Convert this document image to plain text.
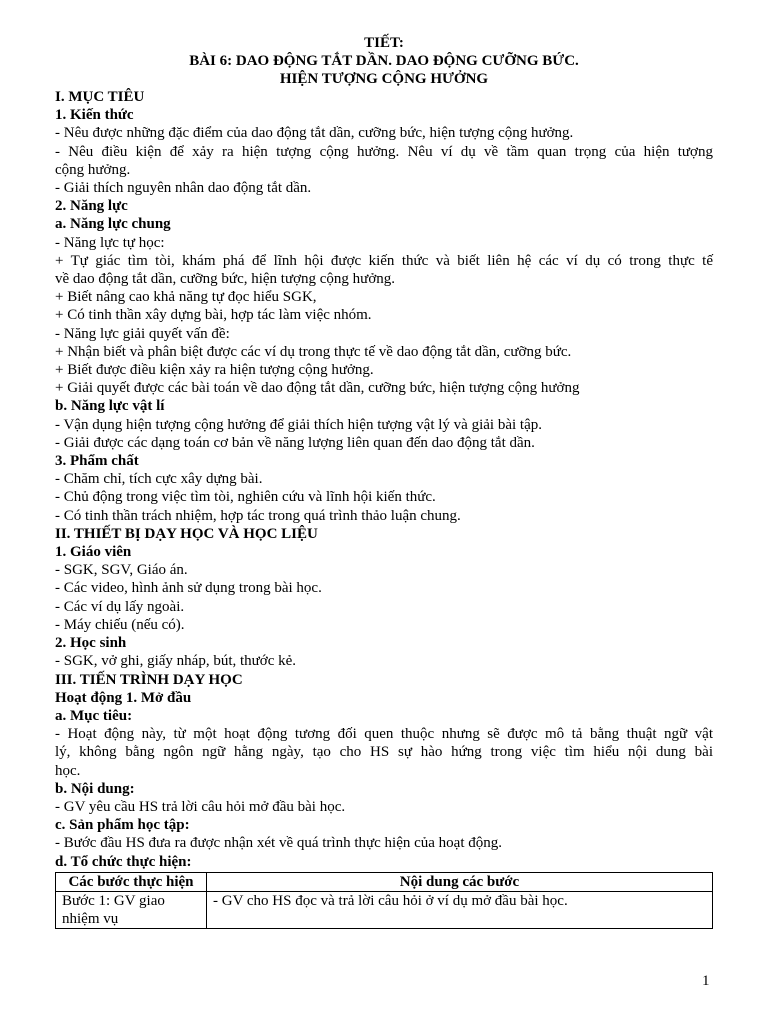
TIẾT:
BÀI 6: DAO ĐỘNG TẮT DẦN. DAO ĐỘNG CƯỠNG BỨC.
HIỆN TƯỢNG CỘNG HƯỞNG
I. MỤC TIÊU
1. Kiến thức
- Nêu được những đặc điểm của dao động tắt dần, cưỡng bức, hiện tượng cộng hưởng.
- Nêu điều kiện để xảy ra hiện tượng cộng hưởng. Nêu ví dụ về tầm quan trọng của hiện tượng
cộng hưởng.
- Giải thích nguyên nhân dao động tắt dần.
2. Năng lực
a. Năng lực chung
- Năng lực tự học:
+ Tự giác tìm tòi, khám phá để lĩnh hội được kiến thức và biết liên hệ các ví dụ có trong thực tế
về dao động tắt dần, cưỡng bức, hiện tượng cộng hưởng.
+ Biết nâng cao khả năng tự đọc hiểu SGK,
+ Có tinh thần xây dựng bài, hợp tác làm việc nhóm.
- Năng lực giải quyết vấn đề:
+ Nhận biết và phân biệt được các ví dụ trong thực tế về dao động tắt dần, cưỡng bức.
+ Biết được điều kiện xảy ra hiện tượng cộng hưởng.
+ Giải quyết được các bài toán về dao động tắt dần, cưỡng bức, hiện tượng cộng hưởng
b. Năng lực vật lí
- Vận dụng hiện tượng cộng hưởng để giải thích hiện tượng vật lý và giải bài tập.
- Giải được các dạng toán cơ bản về năng lượng liên quan đến dao động tắt dần.
3. Phẩm chất
- Chăm chỉ, tích cực xây dựng bài.
- Chủ động trong việc tìm tòi, nghiên cứu và lĩnh hội kiến thức.
- Có tinh thần trách nhiệm, hợp tác trong quá trình thảo luận chung.
II. THIẾT BỊ DẠY HỌC VÀ HỌC LIỆU
1. Giáo viên
- SGK, SGV, Giáo án.
- Các video, hình ảnh sử dụng trong bài học.
- Các ví dụ lấy ngoài.
- Máy chiếu (nếu có).
2. Học sinh
- SGK, vở ghi, giấy nháp, bút, thước kẻ.
III. TIẾN TRÌNH DẠY HỌC
Hoạt động 1. Mở đầu
a. Mục tiêu:
- Hoạt động này, từ một hoạt động tương đối quen thuộc nhưng sẽ được mô tả bằng thuật ngữ vật
lý, không bằng ngôn ngữ hằng ngày, tạo cho HS sự hào hứng trong việc tìm hiểu nội dung bài
học.
b. Nội dung:
- GV yêu cầu HS trả lời câu hỏi mở đầu bài học.
c. Sản phẩm học tập:
- Bước đầu HS đưa ra được nhận xét về quá trình thực hiện của hoạt động.
d. Tổ chức thực hiện:
Các bước thực hiện	Nội dung các bước

Bước 1: GV giao
nhiệm vụ	- GV cho HS đọc và trả lời câu hỏi ở ví dụ mở đầu bài học.
1
